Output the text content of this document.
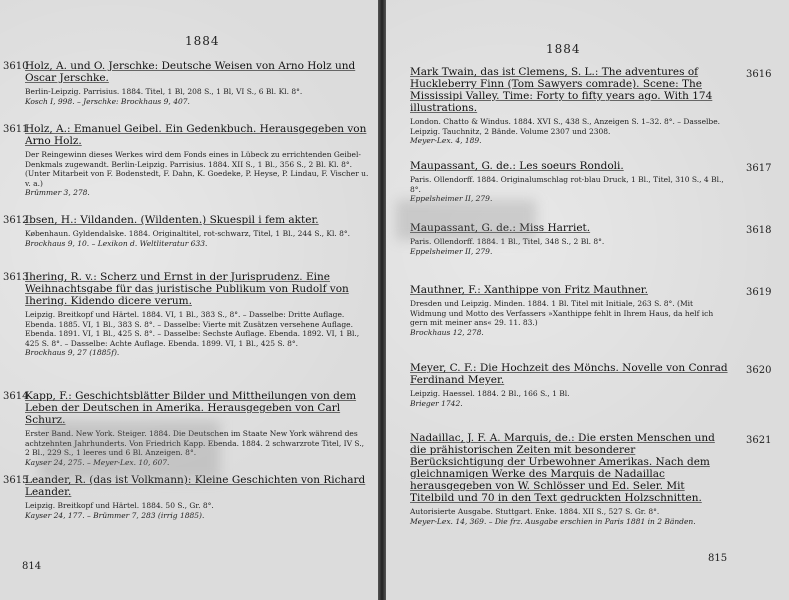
1884
3610
Holz, A. und O. Jerschke: Deutsche Weisen von Arno Holz und Oscar Jerschke.
Berlin-Leipzig. Parrisius. 1884. Titel, 1 Bl, 208 S., 1 Bl, VI S., 6 Bl. Kl. 8°.
Kosch I, 998. – Jerschke: Brockhaus 9, 407.
3611
Holz, A.: Emanuel Geibel. Ein Gedenkbuch. Herausgegeben von Arno Holz.
Der Reingewinn dieses Werkes wird dem Fonds eines in Lübeck zu errichtenden Geibel-Denkmals zugewandt. Berlin-Leipzig. Parrisius. 1884. XII S., 1 Bl., 356 S., 2 Bl. Kl. 8°. (Unter Mitarbeit von F. Bodenstedt, F. Dahn, K. Goedeke, P. Heyse, P. Lindau, F. Vischer u. v. a.)
Brümmer 3, 278.
3612
Ibsen, H.: Vildanden. (Wildenten.) Skuespil i fem akter.
Københaun. Gyldendalske. 1884. Originaltitel, rot-schwarz, Titel, 1 Bl., 244 S., Kl. 8°.
Brockhaus 9, 10. – Lexikon d. Weltliteratur 633.
3613
Ihering, R. v.: Scherz und Ernst in der Jurisprudenz. Eine Weihnachtsgabe für das juristische Publikum von Rudolf von Ihering. Kidendo dicere verum.
Leipzig. Breitkopf und Härtel. 1884. VI, 1 Bl., 383 S., 8°. – Dasselbe: Dritte Auflage. Ebenda. 1885. VI, 1 Bl., 383 S. 8°. – Dasselbe: Vierte mit Zusätzen versehene Auflage. Ebenda. 1891. VI, 1 Bl., 425 S. 8°. – Dasselbe: Sechste Auflage. Ebenda. 1892. VI, 1 Bl., 425 S. 8°. – Dasselbe: Achte Auflage. Ebenda. 1899. VI, 1 Bl., 425 S. 8°.
Brockhaus 9, 27 (1885f).
3614
Kapp, F.: Geschichtsblätter Bilder und Mittheilungen von dem Leben der Deutschen in Amerika. Herausgegeben von Carl Schurz.
Erster Band. New York. Steiger. 1884. Die Deutschen im Staate New York während des achtzehnten Jahrhunderts. Von Friedrich Kapp. Ebenda. 1884. 2 schwarzrote Titel, IV S., 2 Bl., 229 S., 1 leeres und 6 Bl. Anzeigen. 8°.
Kayser 24, 275. – Meyer-Lex. 10, 607.
3615
Leander, R. (das ist Volkmann): Kleine Geschichten von Richard Leander.
Leipzig. Breitkopf und Härtel. 1884. 50 S., Gr. 8°.
Kayser 24, 177. – Brümmer 7, 283 (irrig 1885).
814
1884
3616
Mark Twain, das ist Clemens, S. L.: The adventures of Huckleberry Finn (Tom Sawyers comrade). Scene: The Mississipi Valley. Time: Forty to fifty years ago. With 174 illustrations.
London. Chatto & Windus. 1884. XVI S., 438 S., Anzeigen S. 1–32. 8°. – Dasselbe. Leipzig. Tauchnitz, 2 Bände. Volume 2307 und 2308.
Meyer-Lex. 4, 189.
3617
Maupassant, G. de.: Les soeurs Rondoli.
Paris. Ollendorff. 1884. Originalumschlag rot-blau Druck, 1 Bl., Titel, 310 S., 4 Bl., 8°.
Eppelsheimer II, 279.
3618
Maupassant, G. de.: Miss Harriet.
Paris. Ollendorff. 1884. 1 Bl., Titel, 348 S., 2 Bl. 8°.
Eppelsheimer II, 279.
3619
Mauthner, F.: Xanthippe von Fritz Mauthner.
Dresden und Leipzig. Minden. 1884. 1 Bl. Titel mit Initiale, 263 S. 8°. (Mit Widmung und Motto des Verfassers »Xanthippe fehlt in Ihrem Haus, da helf ich gern mit meiner ans« 29. 11. 83.)
Brockhaus 12, 278.
3620
Meyer, C. F.: Die Hochzeit des Mönchs. Novelle von Conrad Ferdinand Meyer.
Leipzig. Haessel. 1884. 2 Bl., 166 S., 1 Bl.
Brieger 1742.
3621
Nadaillac, J. F. A. Marquis, de.: Die ersten Menschen und die prähistorischen Zeiten mit besonderer Berücksichtigung der Urbewohner Amerikas. Nach dem gleichnamigen Werke des Marquis de Nadaillac herausgegeben von W. Schlösser und Ed. Seler. Mit Titelbild und 70 in den Text gedruckten Holzschnitten.
Autorisierte Ausgabe. Stuttgart. Enke. 1884. XII S., 527 S. Gr. 8°.
Meyer-Lex. 14, 369. – Die frz. Ausgabe erschien in Paris 1881 in 2 Bänden.
815
